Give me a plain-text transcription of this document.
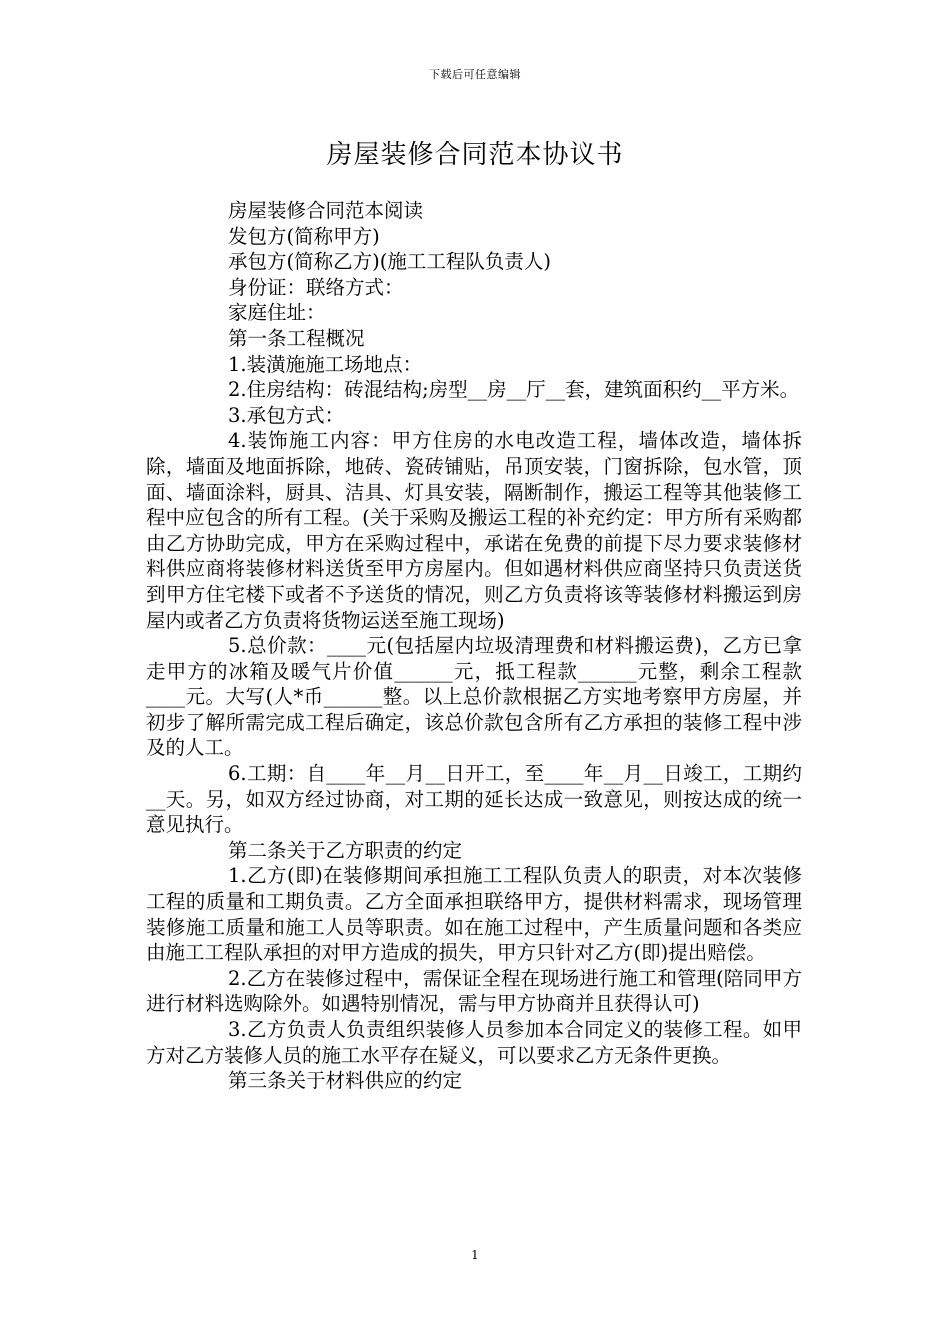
下载后可任意编辑
房屋装修合同范本协议书

房屋装修合同范本阅读

发包方(简称甲方)

承包方(简称乙方)(施工工程队负责人)

身份证：联络方式：

家庭住址：

第一条工程概况

1.装潢施施工场地点：

2.住房结构：砖混结构;房型__房__厅__套，建筑面积约__平方米。

3.承包方式：

4.装饰施工内容：甲方住房的水电改造工程，墙体改造，墙体拆除，墙面及地面拆除，地砖、瓷砖铺贴，吊顶安装，门窗拆除，包水管，顶面、墙面涂料，厨具、洁具、灯具安装，隔断制作，搬运工程等其他装修工程中应包含的所有工程。(关于采购及搬运工程的补充约定：甲方所有采购都由乙方协助完成，甲方在采购过程中，承诺在免费的前提下尽力要求装修材料供应商将装修材料送货至甲方房屋内。但如遇材料供应商坚持只负责送货到甲方住宅楼下或者不予送货的情况，则乙方负责将该等装修材料搬运到房屋内或者乙方负责将货物运送至施工现场)

5.总价款：____元(包括屋内垃圾清理费和材料搬运费)，乙方已拿走甲方的冰箱及暖气片价值______元，抵工程款______元整，剩余工程款____元。大写(人*币______整。以上总价款根据乙方实地考察甲方房屋，并初步了解所需完成工程后确定，该总价款包含所有乙方承担的装修工程中涉及的人工。

6.工期：自____年__月__日开工，至____年__月__日竣工，工期约__天。另，如双方经过协商，对工期的延长达成一致意见，则按达成的统一意见执行。

第二条关于乙方职责的约定

1.乙方(即)在装修期间承担施工工程队负责人的职责，对本次装修工程的质量和工期负责。乙方全面承担联络甲方，提供材料需求，现场管理装修施工质量和施工人员等职责。如在施工过程中，产生质量问题和各类应由施工工程队承担的对甲方造成的损失，甲方只针对乙方(即)提出赔偿。

2.乙方在装修过程中，需保证全程在现场进行施工和管理(陪同甲方进行材料选购除外。如遇特别情况，需与甲方协商并且获得认可)

3.乙方负责人负责组织装修人员参加本合同定义的装修工程。如甲方对乙方装修人员的施工水平存在疑义，可以要求乙方无条件更换。

第三条关于材料供应的约定

1
